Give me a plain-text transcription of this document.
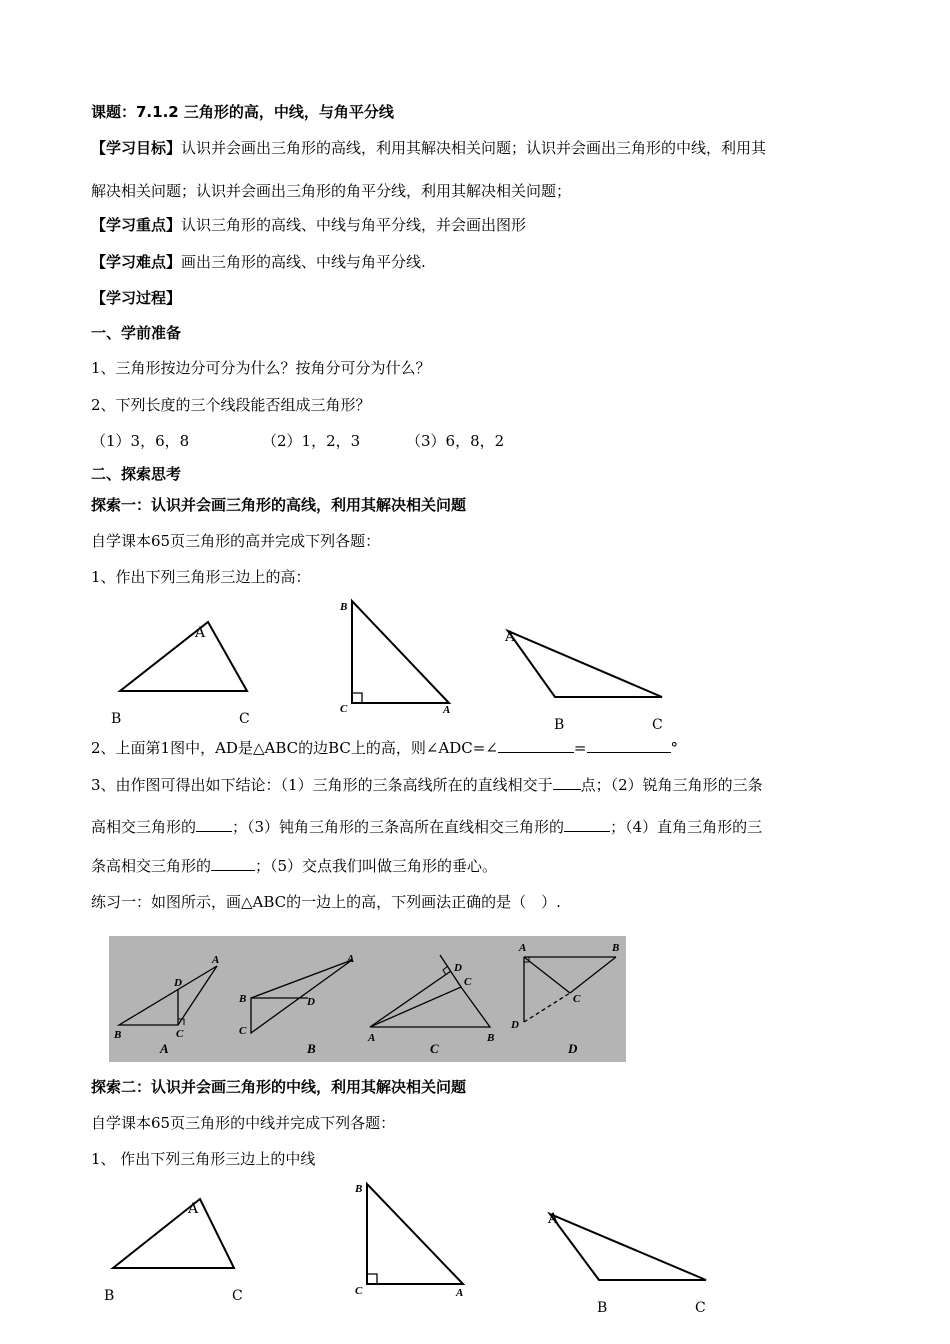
课题：7.1.2 三角形的高，中线，与角平分线
【学习目标】认识并会画出三角形的高线，利用其解决相关问题；认识并会画出三角形的中线，利用其
解决相关问题；认识并会画出三角形的角平分线，利用其解决相关问题；
【学习重点】认识三角形的高线、中线与角平分线，并会画出图形
【学习难点】画出三角形的高线、中线与角平分线.
【学习过程】
一、学前准备
1、三角形按边分可分为什么？按角分可分为什么？
2、下列长度的三个线段能否组成三角形？
（1）3，6，8	（2）1，2，3	（3）6，8，2
二、探索思考
探索一：认识并会画三角形的高线，利用其解决相关问题
自学课本65页三角形的高并完成下列各题：
1、作出下列三角形三边上的高：
2、上面第1图中，AD是△ABC的边BC上的高，则∠ADC=∠	=	°
3、由作图可得出如下结论：（1）三角形的三条高线所在的直线相交于 点；（2）锐角三角形的三条
高相交三角形的 ；（3）钝角三角形的三条高所在直线相交三角形的	；（4）直角三角形的三
条高相交三角形的	；（5）交点我们叫做三角形的垂心。
练习一：如图所示，画△ABC的一边上的高，下列画法正确的是（　）.
探索二：认识并会画三角形的中线，利用其解决相关问题
自学课本65页三角形的中线并完成下列各题：
1、 作出下列三角形三边上的中线
A
B	C
B
C	A
A
B	C
A
D
B	C
A
A
B	D
C
B
D
C
A	B
C
A	B
C
D
D
A
B	C
B
C	A
A
B	C
